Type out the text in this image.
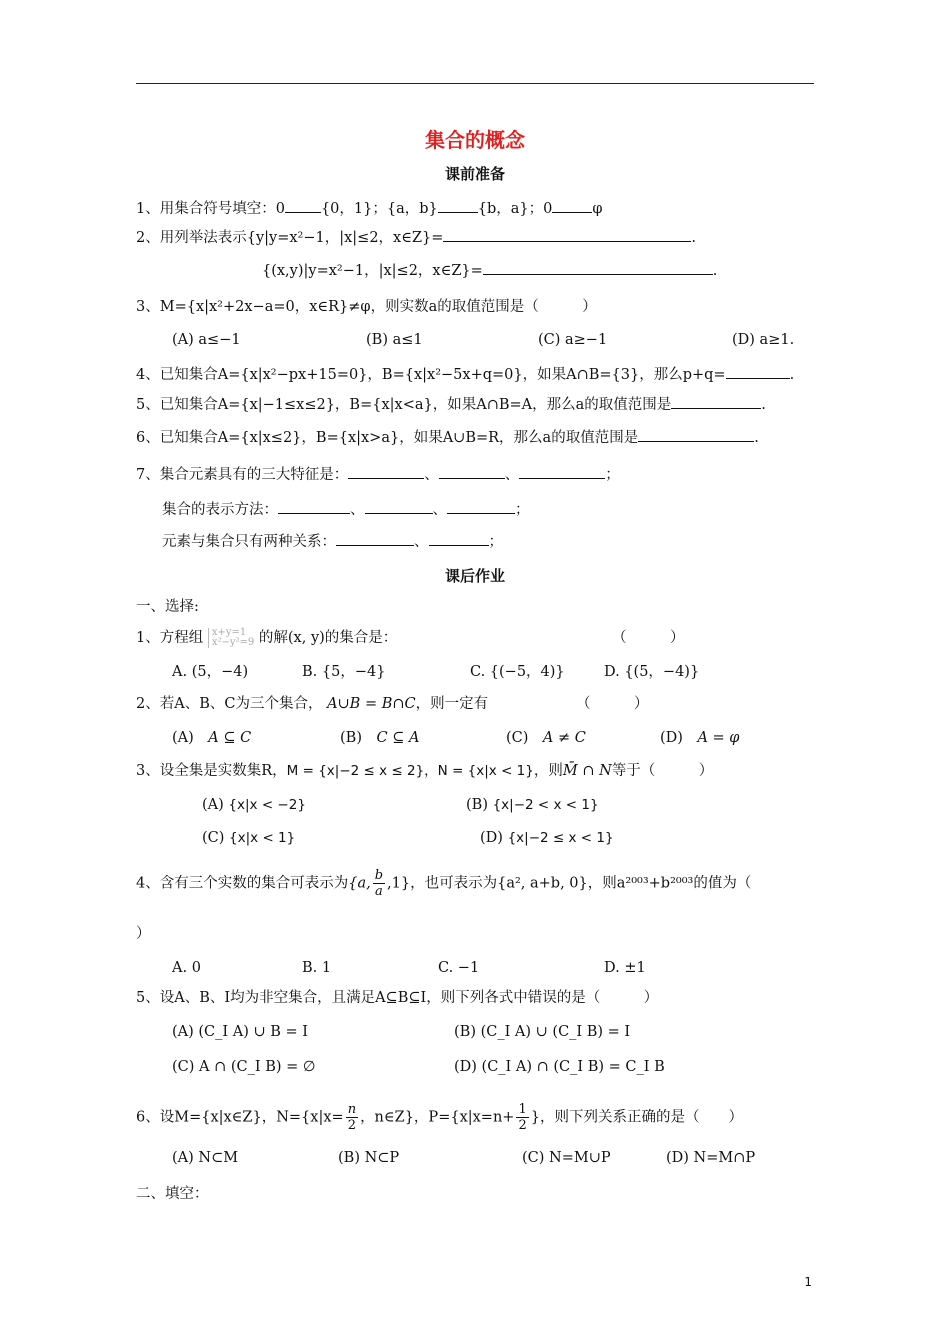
集合的概念
课前准备
1、用集合符号填空：0 {0，1}；{a，b}	{b，a}；0	φ
2、用列举法表示{y|y=x²−1，|x|≤2，x∈Z}=	.
{(x,y)|y=x²−1，|x|≤2，x∈Z}=	.
3、M={x|x²+2x−a=0，x∈R}≠φ，则实数a的取值范围是（　　　）
(A) a≤−1	(B) a≤1	(C) a≥−1	(D) a≥1.
4、已知集合A={x|x²−px+15=0}，B={x|x²−5x+q=0}，如果A∩B={3}，那么p+q=	.
5、已知集合A={x|−1≤x≤2}，B={x|x<a}，如果A∩B=A，那么a的取值范围是	.
6、已知集合A={x|x≤2}，B={x|x>a}，如果A∪B=R，那么a的取值范围是	.
7、集合元素具有的三大特征是：	、	、	；
集合的表示方法：	、	、	；
元素与集合只有两种关系：	、	；
课后作业
一、选择:
1、方程组 x+y=1
x²−y²=9 的解(x, y)的集合是：	（　　　）
A. (5，−4)	B. {5，−4}	C. {(−5，4)}	D. {(5，−4)}
2、若A、B、C为三个集合， A∪B = B∩C，则一定有	（　　　）
(A)　 A ⊆ C	(B)　 C ⊆ A	(C)　 A ≠ C	(D)　 A = φ
3、设全集是实数集R，M = {x|−2 ≤ x ≤ 2}，N = {x|x < 1}，则M̄ ∩ N等于（　　　）
(A) {x|x < −2}	(B) {x|−2 < x < 1}
(C) {x|x < 1}	(D) {x|−2 ≤ x < 1}
4、含有三个实数的集合可表示为{a, $\frac{b}{a} ,1$}，也可表示为{a², a+b, 0}，则a²⁰⁰³+b²⁰⁰³的值为（
）
A. 0	B. 1	C. −1	D. ±1
5、设A、B、I均为非空集合，且满足A⊆B⊆I，则下列各式中错误的是（　　　）
(A) (C_I A) ∪ B = I	(B) (C_I A) ∪ (C_I B) = I
(C) A ∩ (C_I B) = ∅	(D) (C_I A) ∩ (C_I B) = C_I B
6、设M={x|x∈Z}，$N=\{x|x= \frac{n}{2}$ ，n∈Z}，$P=\{x|x=n+ \frac{1}{2}$ }，则下列关系正确的是（　　）
(A) N⊂M	(B) N⊂P	(C) N=M∪P	(D) N=M∩P
二、填空：
1
